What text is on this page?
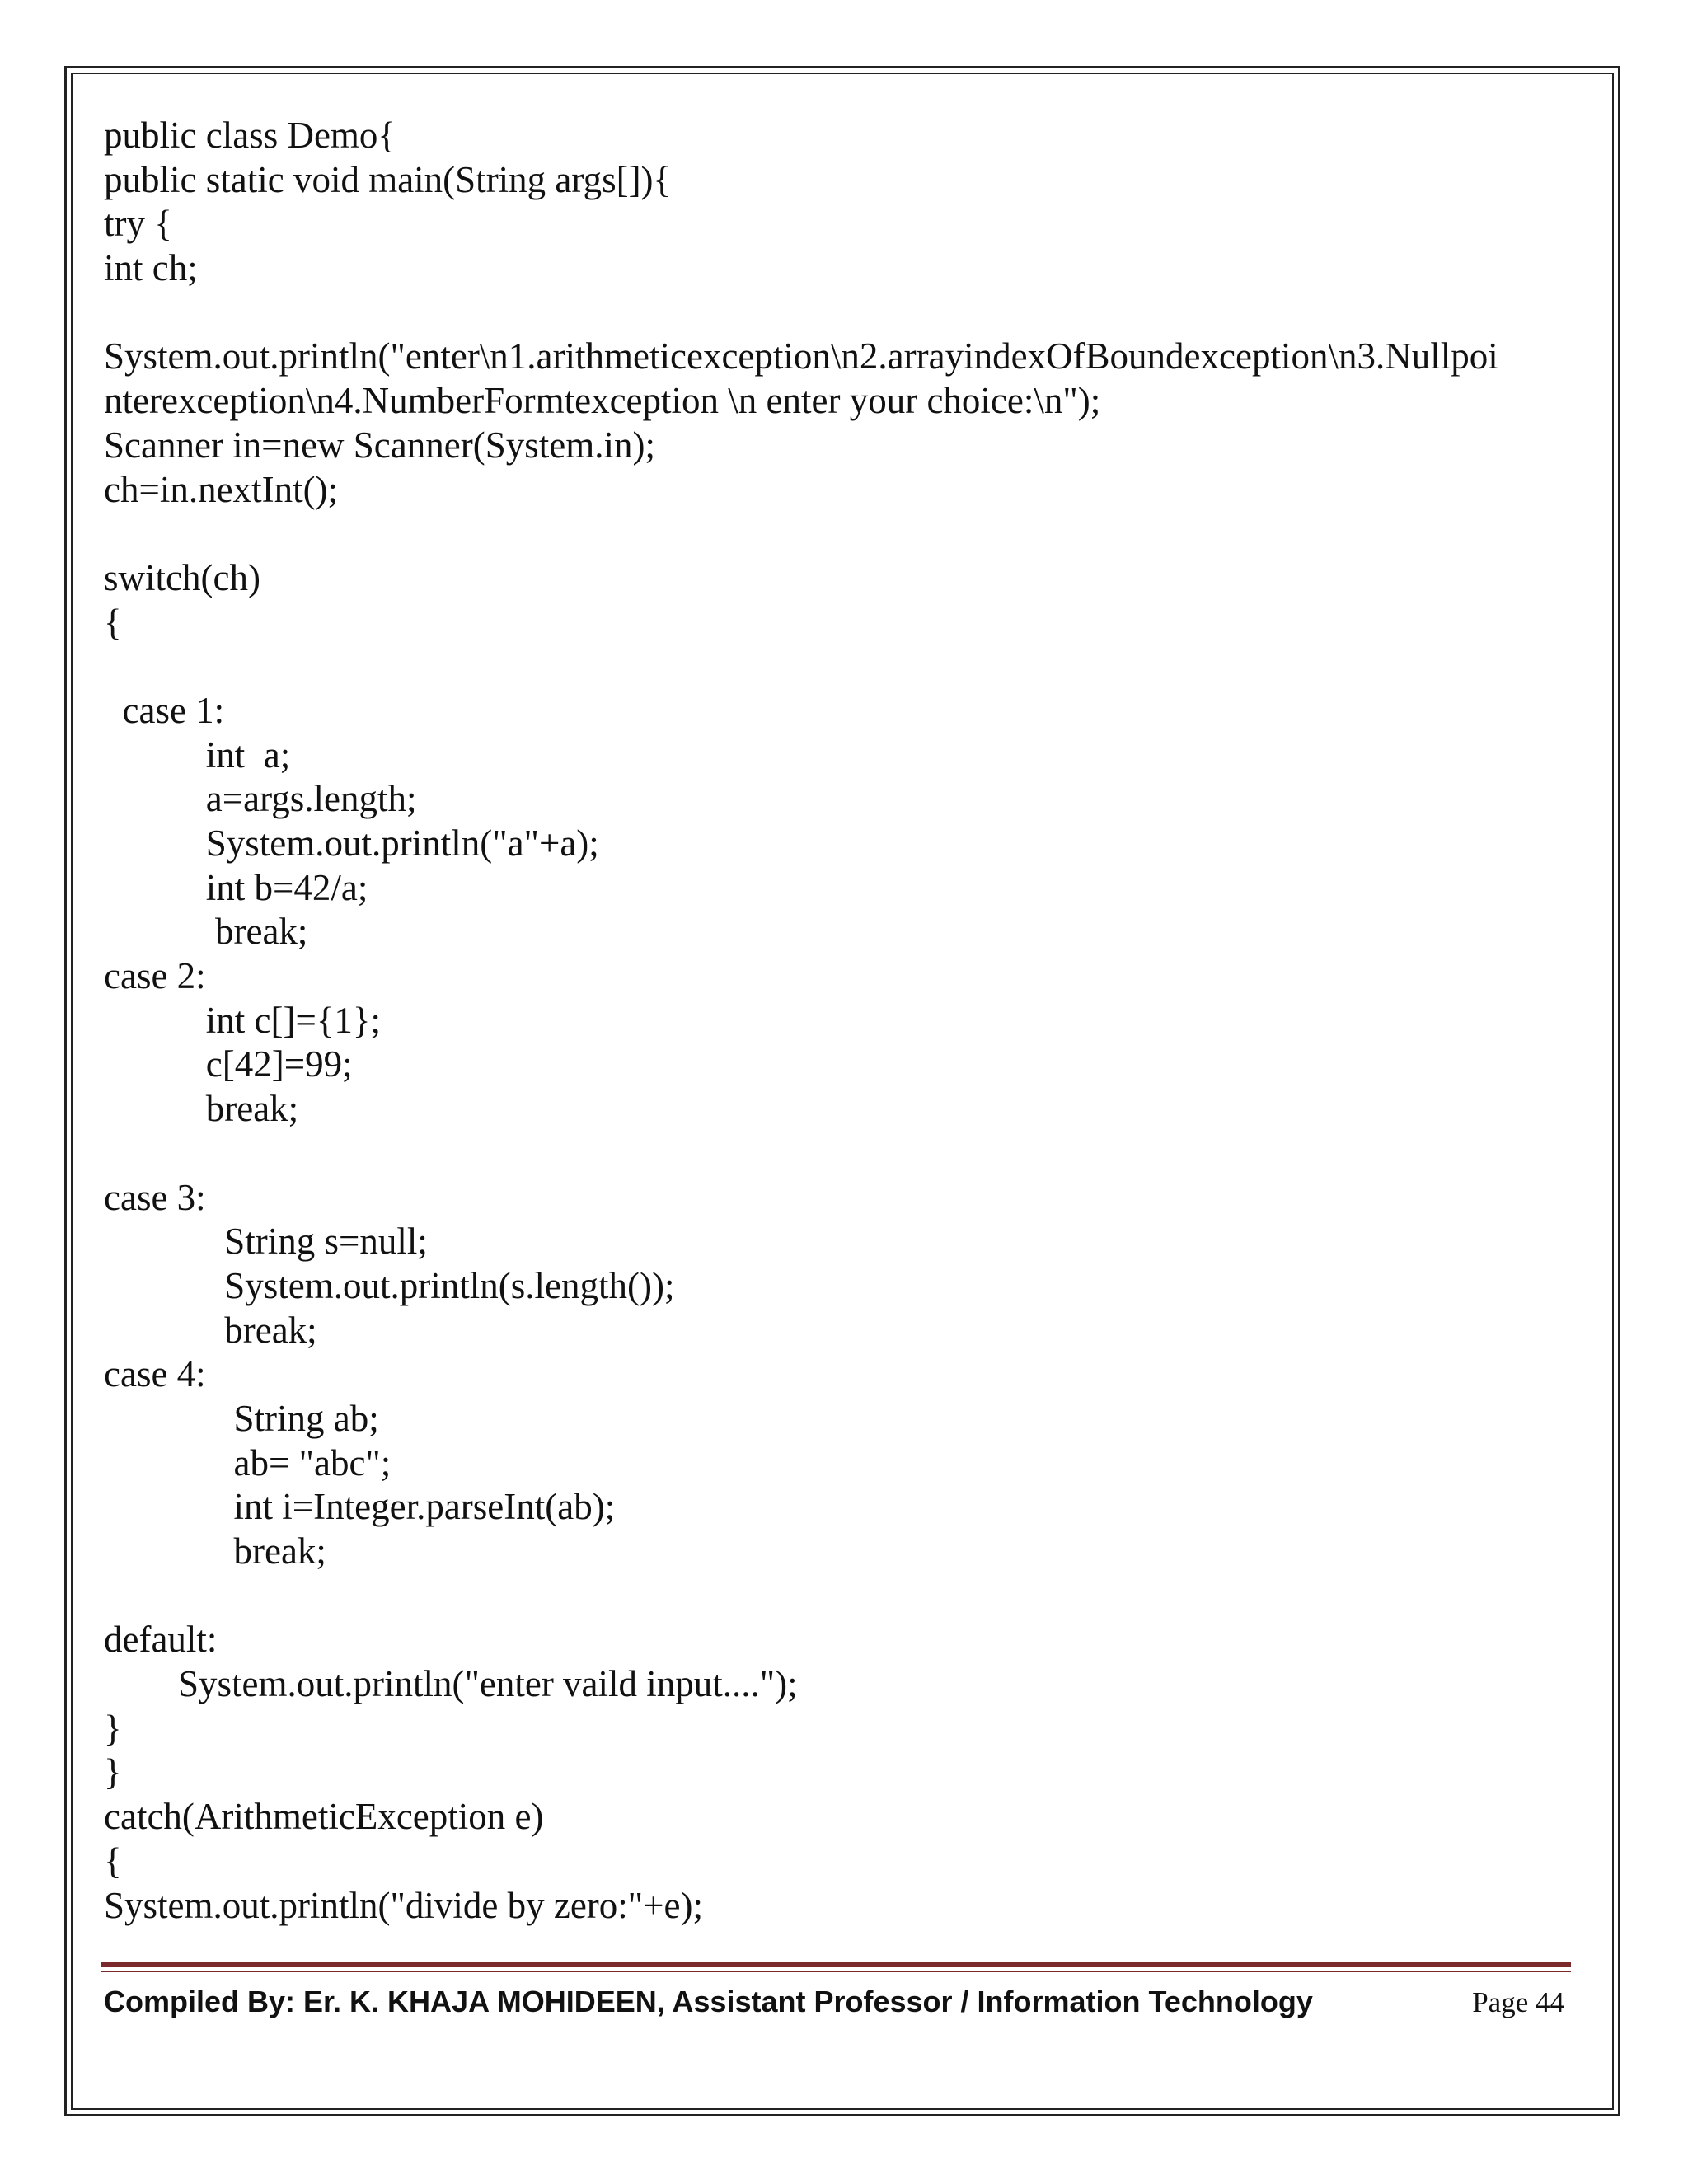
public class Demo{
public static void main(String args[]){
try {
int ch;
System.out.println("enter\n1.arithmeticexception\n2.arrayindexOfBoundexception\n3.Nullpoi
nterexception\n4.NumberFormtexception \n enter your choice:\n");
Scanner in=new Scanner(System.in);
ch=in.nextInt();
switch(ch)
{
case 1:
int  a;
a=args.length;
System.out.println("a"+a);
int b=42/a;
break;
case 2:
int c[]={1};
c[42]=99;
break;
case 3:
String s=null;
System.out.println(s.length());
break;
case 4:
String ab;
ab= "abc";
int i=Integer.parseInt(ab);
break;
default:
System.out.println("enter vaild input....");
}
}
catch(ArithmeticException e)
{
System.out.println("divide by zero:"+e);
Compiled By: Er. K. KHAJA MOHIDEEN, Assistant Professor / Information Technology	Page 44
